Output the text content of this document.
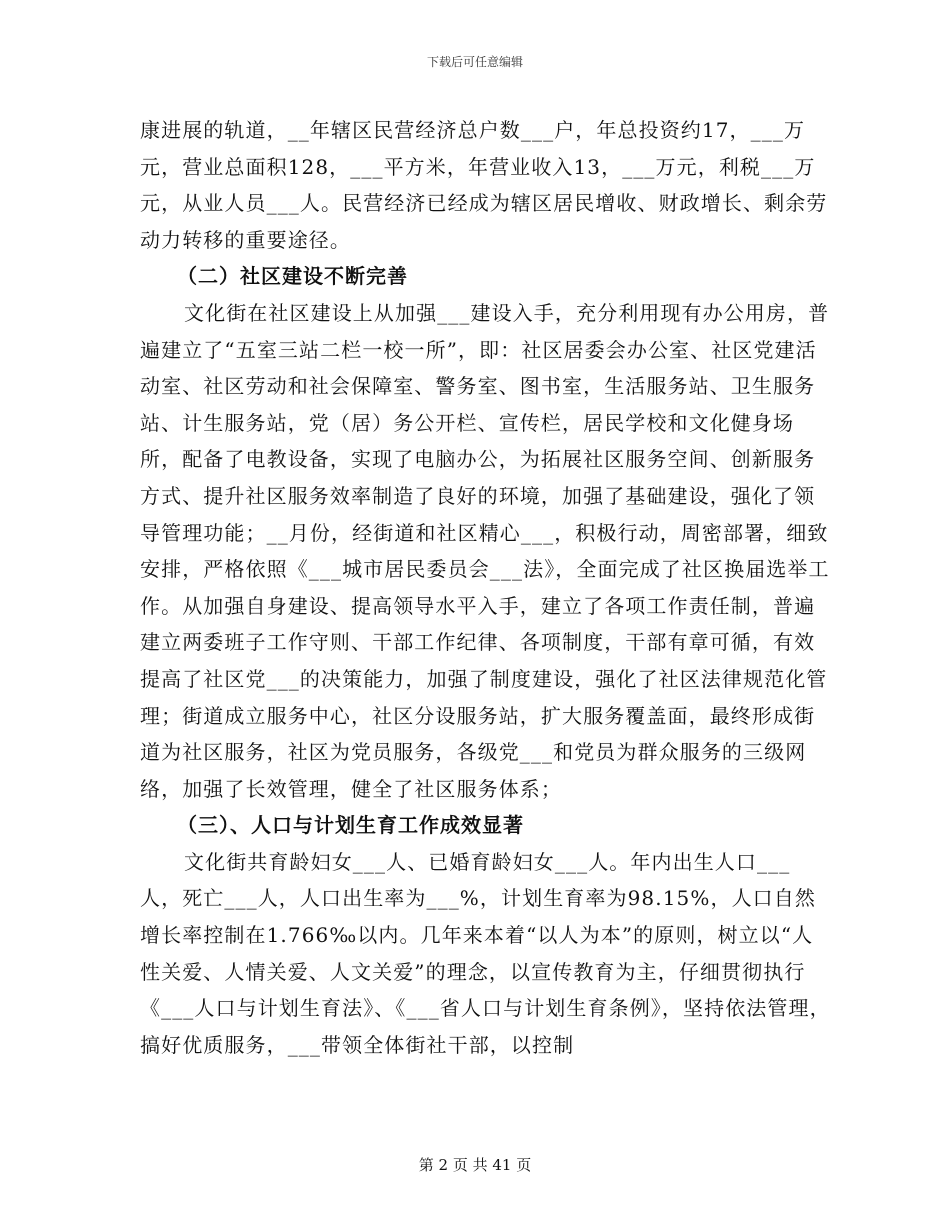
下载后可任意编辑

康进展的轨道，__年辖区民营经济总户数___户，年总投资约17，___万元，营业总面积128，___平方米，年营业收入13，___万元，利税___万元，从业人员___人。民营经济已经成为辖区居民增收、财政增长、剩余劳动力转移的重要途径。

（二）社区建设不断完善

文化街在社区建设上从加强___建设入手，充分利用现有办公用房，普遍建立了“五室三站二栏一校一所”，即：社区居委会办公室、社区党建活动室、社区劳动和社会保障室、警务室、图书室，生活服务站、卫生服务站、计生服务站，党（居）务公开栏、宣传栏，居民学校和文化健身场所，配备了电教设备，实现了电脑办公，为拓展社区服务空间、创新服务方式、提升社区服务效率制造了良好的环境，加强了基础建设，强化了领导管理功能；__月份，经街道和社区精心___，积极行动，周密部署，细致安排，严格依照《___城市居民委员会___法》，全面完成了社区换届选举工作。从加强自身建设、提高领导水平入手，建立了各项工作责任制，普遍建立两委班子工作守则、干部工作纪律、各项制度，干部有章可循，有效提高了社区党___的决策能力，加强了制度建设，强化了社区法律规范化管理；街道成立服务中心，社区分设服务站，扩大服务覆盖面，最终形成街道为社区服务，社区为党员服务，各级党___和党员为群众服务的三级网络，加强了长效管理，健全了社区服务体系；

（三）、人口与计划生育工作成效显著

文化街共育龄妇女___人、已婚育龄妇女___人。年内出生人口___人，死亡___人，人口出生率为___%，计划生育率为98.15%，人口自然增长率控制在1.766‰以内。几年来本着“以人为本”的原则，树立以“人性关爱、人情关爱、人文关爱”的理念，以宣传教育为主，仔细贯彻执行《___人口与计划生育法》、《___省人口与计划生育条例》，坚持依法管理，搞好优质服务，___带领全体街社干部，以控制

第 2 页 共 41 页
